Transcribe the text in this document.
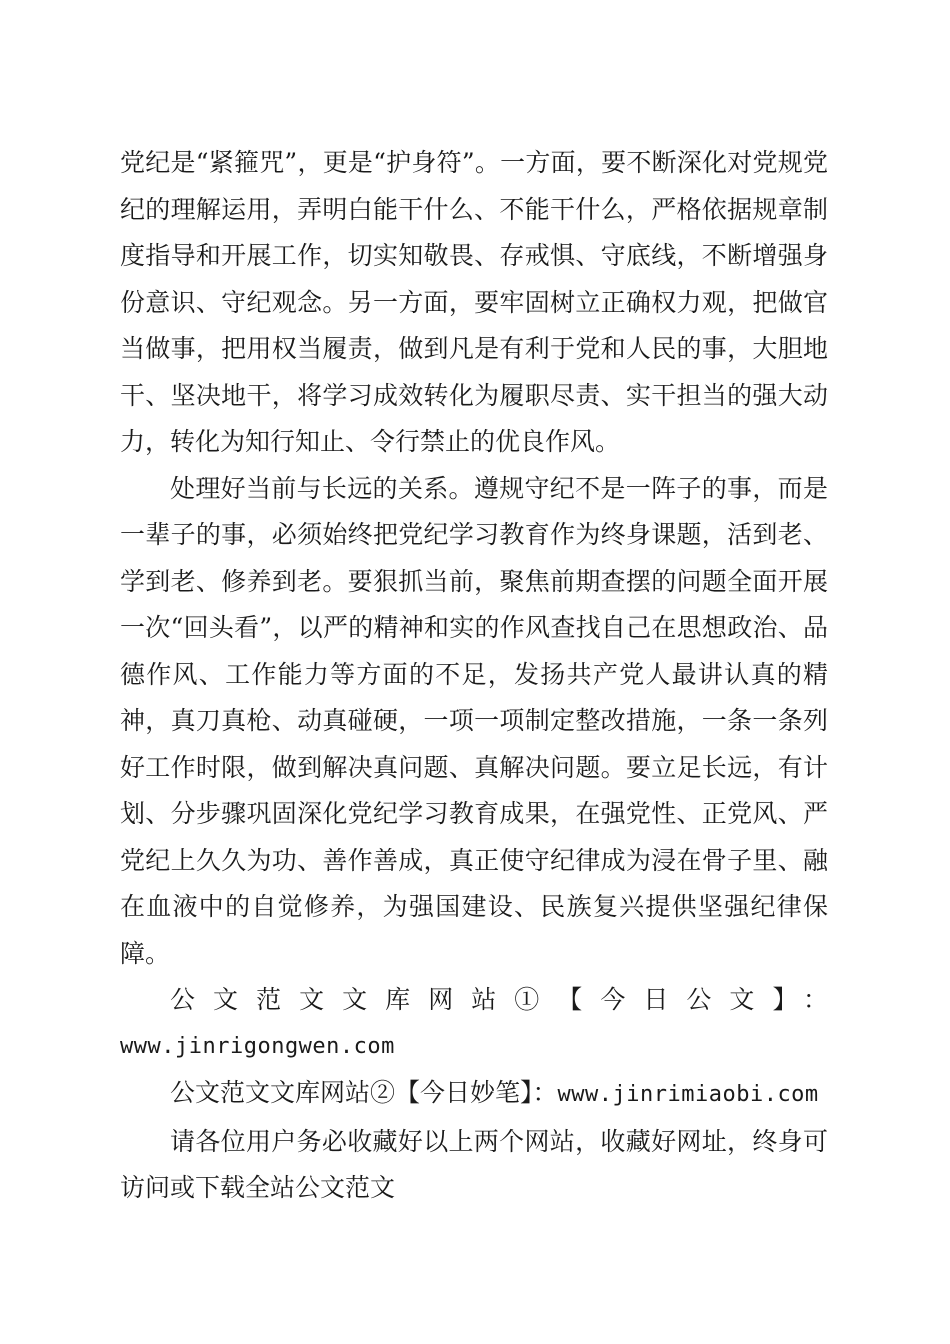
党纪是“紧箍咒”，更是“护身符”。一方面，要不断深化对党规党纪的理解运用，弄明白能干什么、不能干什么，严格依据规章制度指导和开展工作，切实知敬畏、存戒惧、守底线，不断增强身份意识、守纪观念。另一方面，要牢固树立正确权力观，把做官当做事，把用权当履责，做到凡是有利于党和人民的事，大胆地干、坚决地干，将学习成效转化为履职尽责、实干担当的强大动力，转化为知行知止、令行禁止的优良作风。

处理好当前与长远的关系。遵规守纪不是一阵子的事，而是一辈子的事，必须始终把党纪学习教育作为终身课题，活到老、学到老、修养到老。要狠抓当前，聚焦前期查摆的问题全面开展一次“回头看”，以严的精神和实的作风查找自己在思想政治、品德作风、工作能力等方面的不足，发扬共产党人最讲认真的精神，真刀真枪、动真碰硬，一项一项制定整改措施，一条一条列好工作时限，做到解决真问题、真解决问题。要立足长远，有计划、分步骤巩固深化党纪学习教育成果，在强党性、正党风、严党纪上久久为功、善作善成，真正使守纪律成为浸在骨子里、融在血液中的自觉修养，为强国建设、民族复兴提供坚强纪律保障。

公文范文文库网站①【今日公文】：
www.jinrigongwen.com

公文范文文库网站②【今日妙笔】：www.jinrimiaobi.com

请各位用户务必收藏好以上两个网站，收藏好网址，终身可访问或下载全站公文范文
